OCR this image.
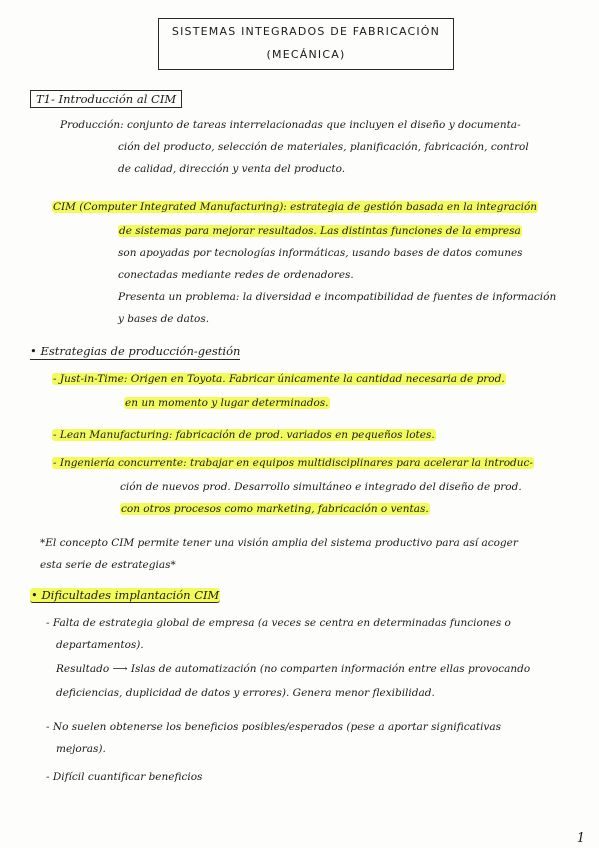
SISTEMAS INTEGRADOS DE FABRICACIÓN
(MECÁNICA)
T1- Introducción al CIM
Producción: conjunto de tareas interrelacionadas que incluyen el diseño y documenta-
ción del producto, selección de materiales, planificación, fabricación, control
de calidad, dirección y venta del producto.
CIM (Computer Integrated Manufacturing): estrategia de gestión basada en la integración
de sistemas para mejorar resultados. Las distintas funciones de la empresa
son apoyadas por tecnologías informáticas, usando bases de datos comunes
conectadas mediante redes de ordenadores.
Presenta un problema: la diversidad e incompatibilidad de fuentes de información
y bases de datos.
• Estrategias de producción-gestión
- Just-in-Time: Origen en Toyota. Fabricar únicamente la cantidad necesaria de prod.
en un momento y lugar determinados.
- Lean Manufacturing: fabricación de prod. variados en pequeños lotes.
- Ingeniería concurrente: trabajar en equipos multidisciplinares para acelerar la introduc-
ción de nuevos prod. Desarrollo simultáneo e integrado del diseño de prod.
con otros procesos como marketing, fabricación o ventas.
*El concepto CIM permite tener una visión amplia del sistema productivo para así acoger
esta serie de estrategias*
• Dificultades implantación CIM
- Falta de estrategia global de empresa (a veces se centra en determinadas funciones o
departamentos).
Resultado ⟶ Islas de automatización (no comparten información entre ellas provocando
deficiencias, duplicidad de datos y errores). Genera menor flexibilidad.
- No suelen obtenerse los beneficios posibles/esperados (pese a aportar significativas
mejoras).
- Difícil cuantificar beneficios
1
